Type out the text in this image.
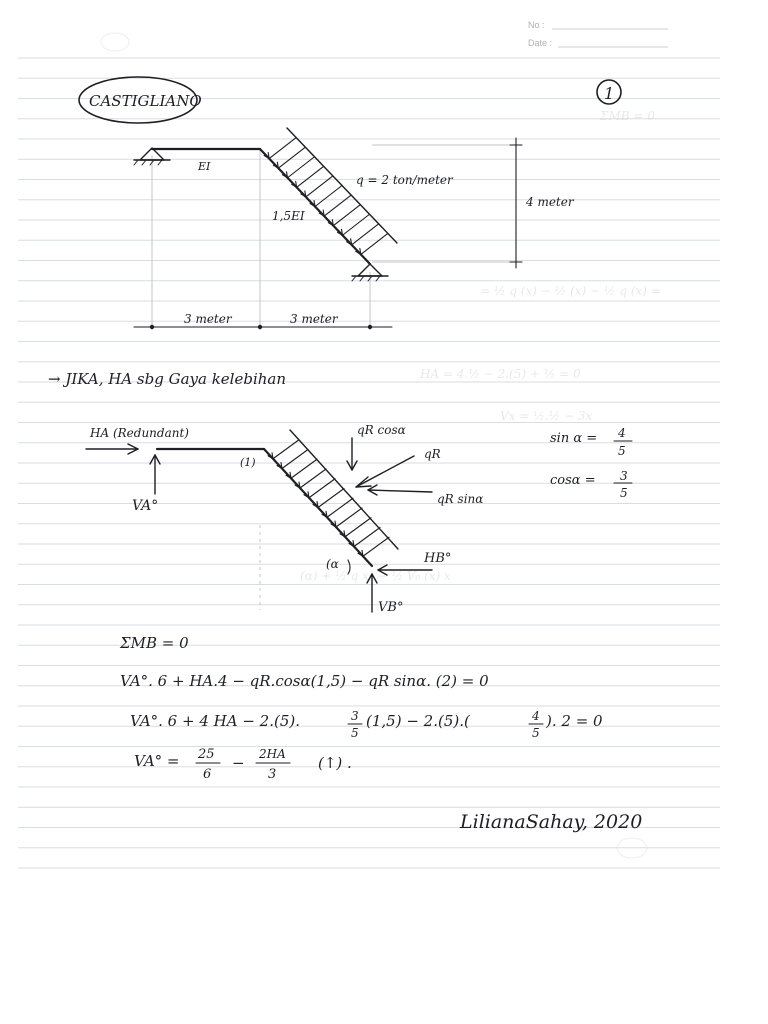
ΣMB = 0
= ½ q (x) − ½ (x) − ½ q (x) =
HA = 4.½ − 2.(5) + ½ = 0
Vx = ½.½ − 3x
(α) + ½ q x² − ½ V₀ (x) x
No :
Date :
CASTIGLIANO	1
EI
1,5EI
q = 2 ton/meter
4 meter
3 meter	3 meter
→ JIKA, HA sbg Gaya kelebihan
HA (Redundant)
VA°
(1)
qR cosα
qR
qR sinα
(α	HB°
VB°
sin α = 4
5
cosα = 3
5
ΣMB = 0
VA°. 6 + HA.4 − qR.cosα(1,5) − qR sinα. (2) = 0
VA°. 6 + 4 HA − 2.(5).	3
5
(1,5) − 2.(5).(	4
5
). 2 = 0
VA° = 25
6
− 2HA
3
(↑) .
LilianaSahay, 2020
